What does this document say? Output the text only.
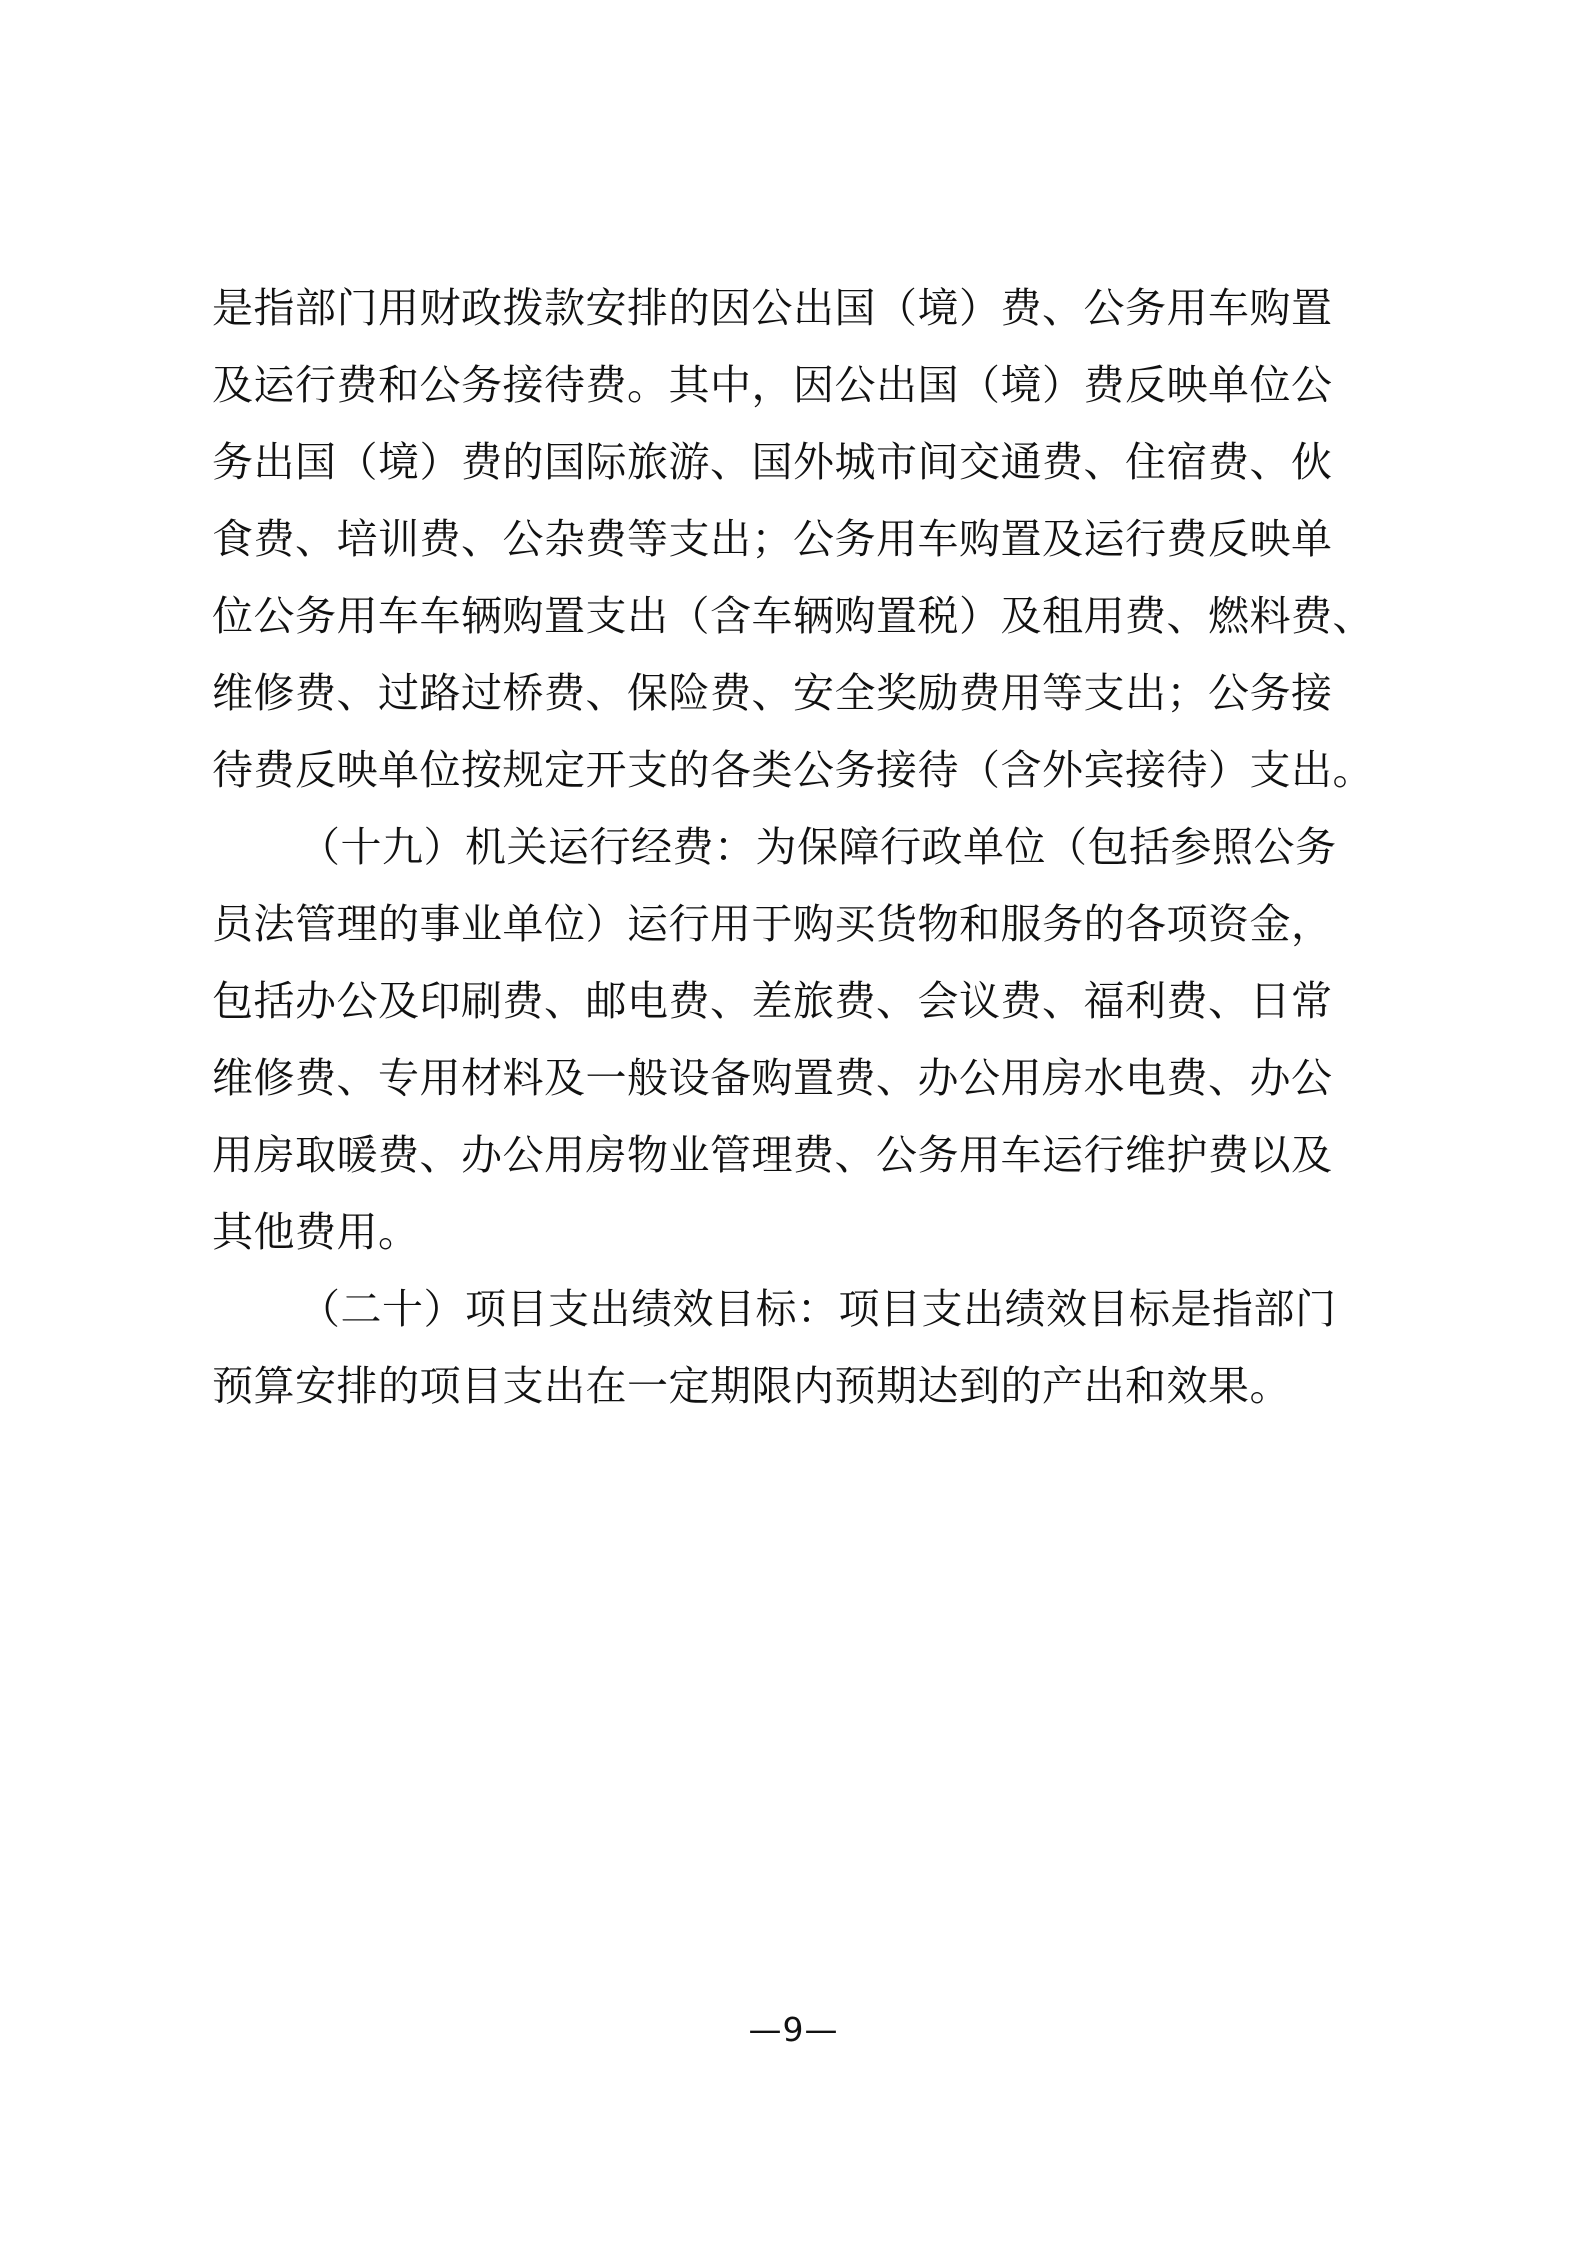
是指部门用财政拨款安排的因公出国（境）费、公务用车购置
及运行费和公务接待费。其中，因公出国（境）费反映单位公
务出国（境）费的国际旅游、国外城市间交通费、住宿费、伙
食费、培训费、公杂费等支出；公务用车购置及运行费反映单
位公务用车车辆购置支出（含车辆购置税）及租用费、燃料费、
维修费、过路过桥费、保险费、安全奖励费用等支出；公务接
待费反映单位按规定开支的各类公务接待（含外宾接待）支出。
（十九）机关运行经费：为保障行政单位（包括参照公务
员法管理的事业单位）运行用于购买货物和服务的各项资金，
包括办公及印刷费、邮电费、差旅费、会议费、福利费、日常
维修费、专用材料及一般设备购置费、办公用房水电费、办公
用房取暖费、办公用房物业管理费、公务用车运行维护费以及
其他费用。
（二十）项目支出绩效目标：项目支出绩效目标是指部门
预算安排的项目支出在一定期限内预期达到的产出和效果。
—9—
